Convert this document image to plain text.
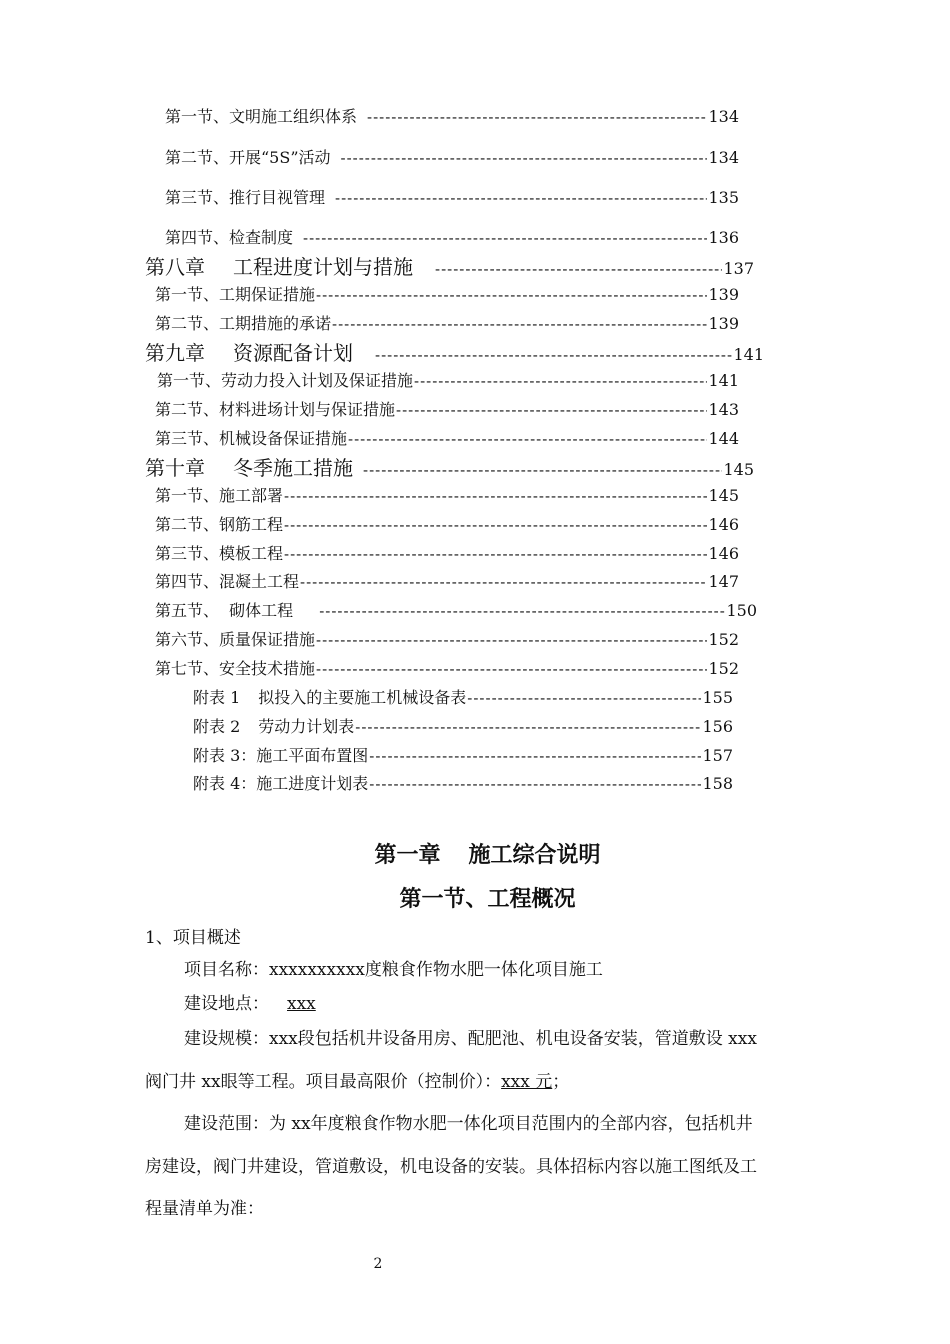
第一节、文明施工组织体系 -----	134
第二节、开展“5S”活动 -----	134
第三节、推行目视管理 -----	135
第四节、检查制度 -----	136
第八章 工程进度计划与措施 -----	137
第一节、工期保证措施 -----	139
第二节、工期措施的承诺 -----	139
第九章 资源配备计划 -----	141
第一节、劳动力投入计划及保证措施 -----	141
第二节、材料进场计划与保证措施 -----	143
第三节、机械设备保证措施 -----	144
第十章 冬季施工措施 -----	145
第一节、施工部署 -----	145
第二节、钢筋工程 -----	146
第三节、模板工程 -----	146
第四节、混凝土工程 -----	147
第五节、  砌体工程 -----	150
第六节、质量保证措施 -----	152
第七节、安全技术措施 -----	152
附表 1 拟投入的主要施工机械设备表 -----	155
附表 2 劳动力计划表 -----	156
附表 3：施工平面布置图 -----	157
附表 4：施工进度计划表 -----	158
第一章 施工综合说明
第一节、工程概况
1、项目概述
项目名称：xxxxxxxxxx度粮食作物水肥一体化项目施工
建设地点： xxx
建设规模：xxx段包括机井设备用房、配肥池、机电设备安装，管道敷设 xxx
阀门井 xx眼等工程。项目最高限价（控制价）：xxx 元；
建设范围：为 xx年度粮食作物水肥一体化项目范围内的全部内容，包括机井
房建设，阀门井建设，管道敷设，机电设备的安装。具体招标内容以施工图纸及工
程量清单为准：
2
